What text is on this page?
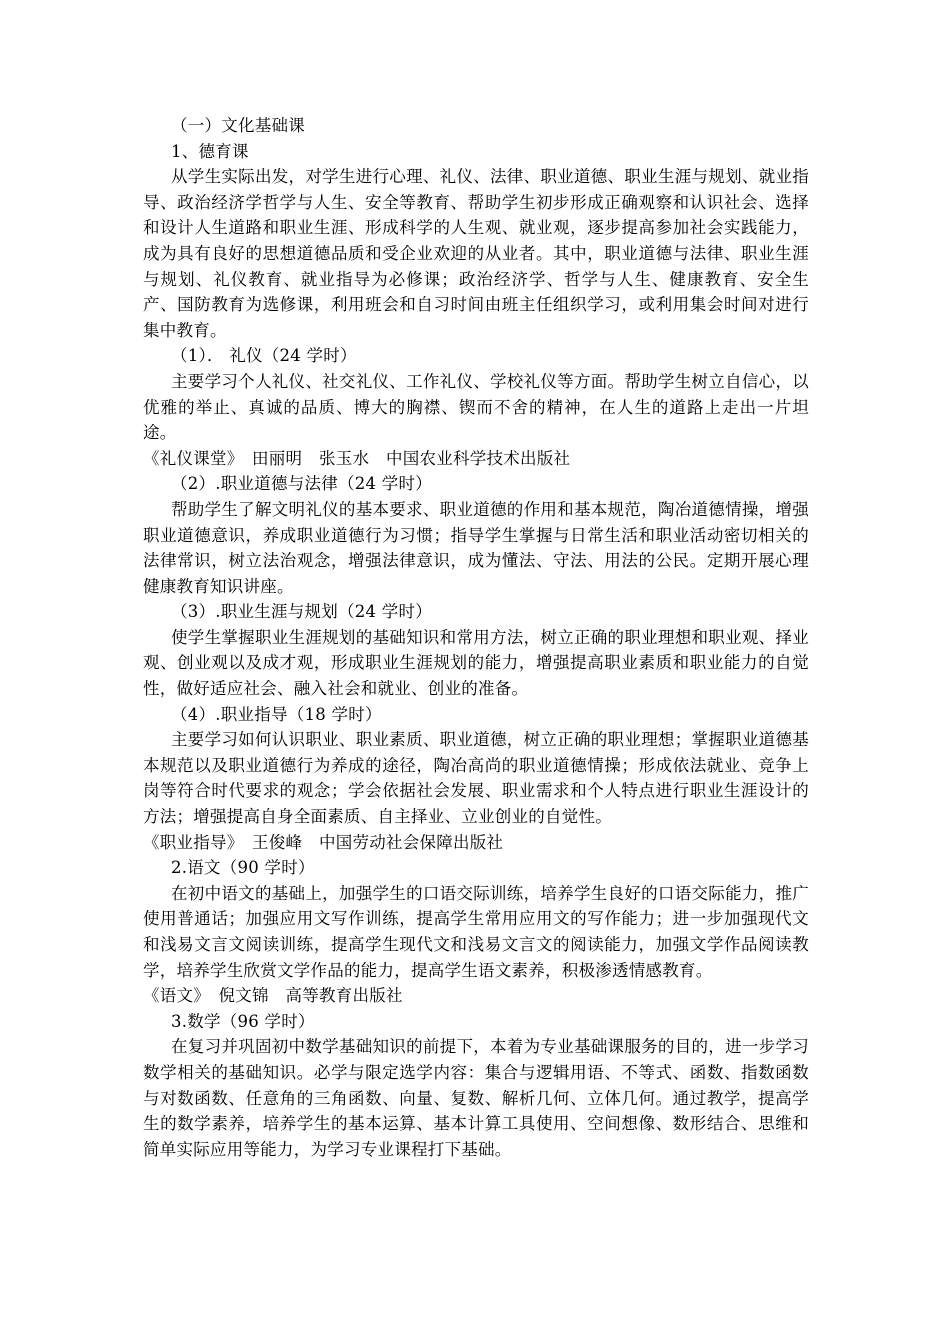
（一）文化基础课

1、德育课

从学生实际出发，对学生进行心理、礼仪、法律、职业道德、职业生涯与规划、就业指导、政治经济学哲学与人生、安全等教育、帮助学生初步形成正确观察和认识社会、选择和设计人生道路和职业生涯、形成科学的人生观、就业观，逐步提高参加社会实践能力，成为具有良好的思想道德品质和受企业欢迎的从业者。其中，职业道德与法律、职业生涯与规划、礼仪教育、就业指导为必修课；政治经济学、哲学与人生、健康教育、安全生产、国防教育为选修课，利用班会和自习时间由班主任组织学习，或利用集会时间对进行集中教育。

（1）． 礼仪（24 学时）

主要学习个人礼仪、社交礼仪、工作礼仪、学校礼仪等方面。帮助学生树立自信心，以优雅的举止、真诚的品质、博大的胸襟、锲而不舍的精神，在人生的道路上走出一片坦途。

《礼仪课堂》　田丽明　张玉水　中国农业科学技术出版社

（2）.职业道德与法律（24 学时）

帮助学生了解文明礼仪的基本要求、职业道德的作用和基本规范，陶冶道德情操，增强职业道德意识，养成职业道德行为习惯；指导学生掌握与日常生活和职业活动密切相关的法律常识，树立法治观念，增强法律意识，成为懂法、守法、用法的公民。定期开展心理健康教育知识讲座。

（3）.职业生涯与规划（24 学时）

使学生掌握职业生涯规划的基础知识和常用方法，树立正确的职业理想和职业观、择业观、创业观以及成才观，形成职业生涯规划的能力，增强提高职业素质和职业能力的自觉性，做好适应社会、融入社会和就业、创业的准备。

（4）.职业指导（18 学时）

主要学习如何认识职业、职业素质、职业道德，树立正确的职业理想；掌握职业道德基本规范以及职业道德行为养成的途径，陶冶高尚的职业道德情操；形成依法就业、竞争上岗等符合时代要求的观念；学会依据社会发展、职业需求和个人特点进行职业生涯设计的方法；增强提高自身全面素质、自主择业、立业创业的自觉性。

《职业指导》　王俊峰　中国劳动社会保障出版社

2.语文（90 学时）

在初中语文的基础上，加强学生的口语交际训练，培养学生良好的口语交际能力，推广使用普通话；加强应用文写作训练，提高学生常用应用文的写作能力；进一步加强现代文和浅易文言文阅读训练，提高学生现代文和浅易文言文的阅读能力，加强文学作品阅读教学，培养学生欣赏文学作品的能力，提高学生语文素养，积极渗透情感教育。

《语文》　倪文锦　高等教育出版社

3.数学（96 学时）

在复习并巩固初中数学基础知识的前提下，本着为专业基础课服务的目的，进一步学习数学相关的基础知识。必学与限定选学内容：集合与逻辑用语、不等式、函数、指数函数与对数函数、任意角的三角函数、向量、复数、解析几何、立体几何。通过教学，提高学生的数学素养，培养学生的基本运算、基本计算工具使用、空间想像、数形结合、思维和简单实际应用等能力，为学习专业课程打下基础。
